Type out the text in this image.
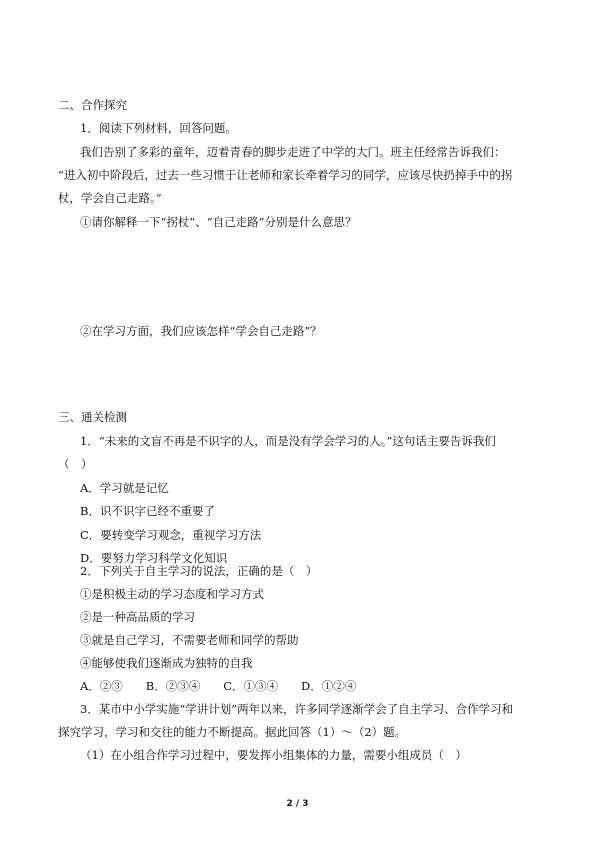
二、合作探究
1．阅读下列材料，回答问题。
我们告别了多彩的童年，迈着青春的脚步走进了中学的大门。班主任经常告诉我们：
“进入初中阶段后，过去一些习惯于让老师和家长牵着学习的同学，应该尽快扔掉手中的拐
杖，学会自己走路。”
①请你解释一下“拐杖”、“自己走路”分别是什么意思？
②在学习方面，我们应该怎样“学会自己走路”？
三、通关检测
1．“未来的文盲不再是不识字的人，而是没有学会学习的人。”这句话主要告诉我们
（　）
A．学习就是记忆
B．识不识字已经不重要了
C．要转变学习观念，重视学习方法
D．要努力学习科学文化知识
2．下列关于自主学习的说法，正确的是（　）
①是积极主动的学习态度和学习方式
②是一种高品质的学习
③就是自己学习，不需要老师和同学的帮助
④能够使我们逐渐成为独特的自我
A．②③　　B．②③④　　C．①③④　　D．①②④
3．某市中小学实施“学讲计划”两年以来，许多同学逐渐学会了自主学习、合作学习和
探究学习，学习和交往的能力不断提高。据此回答（1）～（2）题。
（1）在小组合作学习过程中，要发挥小组集体的力量，需要小组成员（　）
2 / 3
